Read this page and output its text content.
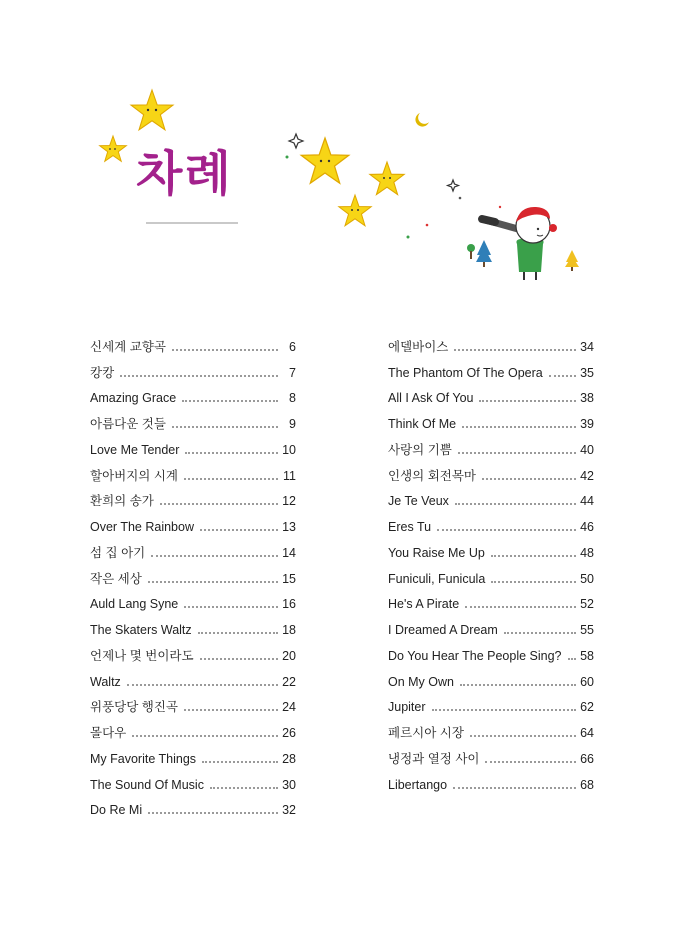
차례
신세계 교향곡	6
캉캉	7
Amazing Grace	8
아름다운 것들	9
Love Me Tender	10
할아버지의 시계	11
환희의 송가	12
Over The Rainbow	13
섬 집 아기	14
작은 세상	15
Auld Lang Syne	16
The Skaters Waltz	18
언제나 몇 번이라도	20
Waltz	22
위풍당당 행진곡	24
몰다우	26
My Favorite Things	28
The Sound Of Music	30
Do Re Mi	32
에델바이스	34
The Phantom Of The Opera	35
All I Ask Of You	38
Think Of Me	39
사랑의 기쁨	40
인생의 회전목마	42
Je Te Veux	44
Eres Tu	46
You Raise Me Up	48
Funiculi, Funicula	50
He's A Pirate	52
I Dreamed A Dream	55
Do You Hear The People Sing? 58
On My Own	60
Jupiter	62
페르시아 시장	64
냉정과 열정 사이	66
Libertango	68
